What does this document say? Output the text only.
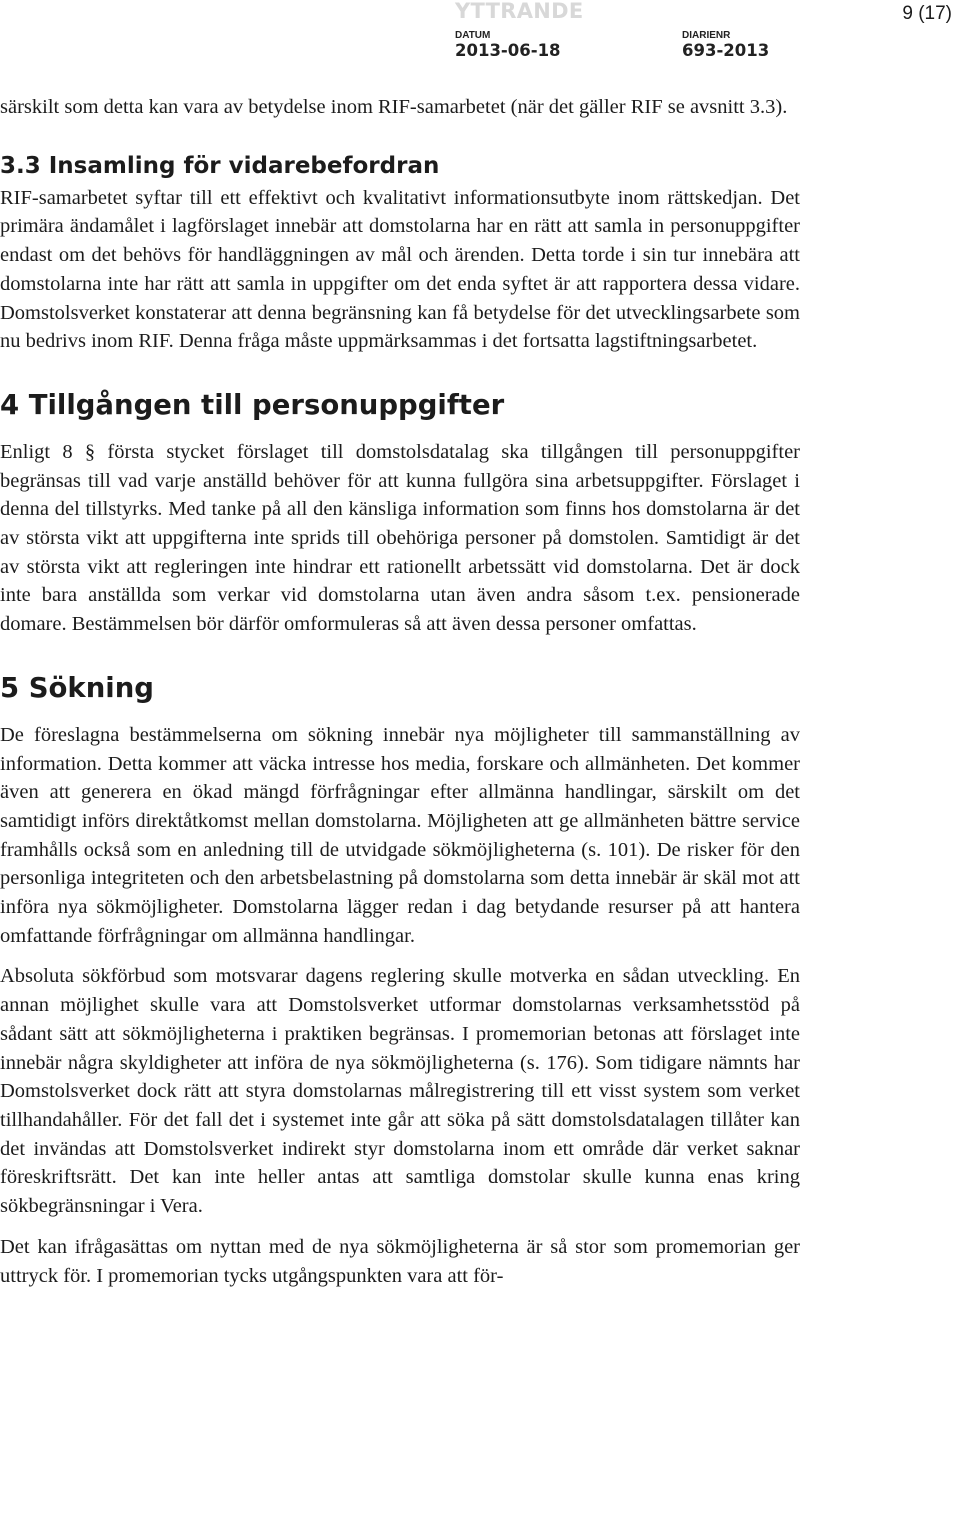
YTTRANDE	9 (17)
DATUM
2013-06-18
DIARIENR
693-2013

särskilt som detta kan vara av betydelse inom RIF-samarbetet (när det gäller RIF se avsnitt 3.3).

3.3 Insamling för vidarebefordran

RIF-samarbetet syftar till ett effektivt och kvalitativt informationsutbyte inom rättskedjan. Det primära ändamålet i lagförslaget innebär att domstolarna har en rätt att samla in personuppgifter endast om det behövs för handläggningen av mål och ärenden. Detta torde i sin tur innebära att domstolarna inte har rätt att samla in uppgifter om det enda syftet är att rapportera dessa vidare. Domstolsverket konstaterar att denna begränsning kan få betydelse för det utvecklingsarbete som nu bedrivs inom RIF. Denna fråga måste uppmärksammas i det fortsatta lagstiftningsarbetet.

4 Tillgången till personuppgifter

Enligt 8 § första stycket förslaget till domstolsdatalag ska tillgången till personuppgifter begränsas till vad varje anställd behöver för att kunna fullgöra sina arbetsuppgifter. Förslaget i denna del tillstyrks. Med tanke på all den känsliga information som finns hos domstolarna är det av största vikt att uppgifterna inte sprids till obehöriga personer på domstolen. Samtidigt är det av största vikt att regleringen inte hindrar ett rationellt arbetssätt vid domstolarna. Det är dock inte bara anställda som verkar vid domstolarna utan även andra såsom t.ex. pensionerade domare. Bestämmelsen bör därför omformuleras så att även dessa personer omfattas.

5 Sökning

De föreslagna bestämmelserna om sökning innebär nya möjligheter till sammanställning av information. Detta kommer att väcka intresse hos media, forskare och allmänheten. Det kommer även att generera en ökad mängd förfrågningar efter allmänna handlingar, särskilt om det samtidigt införs direktåtkomst mellan domstolarna. Möjligheten att ge allmänheten bättre service framhålls också som en anledning till de utvidgade sökmöjligheterna (s. 101). De risker för den personliga integriteten och den arbetsbelastning på domstolarna som detta innebär är skäl mot att införa nya sökmöjligheter. Domstolarna lägger redan i dag betydande resurser på att hantera omfattande förfrågningar om allmänna handlingar.

Absoluta sökförbud som motsvarar dagens reglering skulle motverka en sådan utveckling. En annan möjlighet skulle vara att Domstolsverket utformar domstolarnas verksamhetsstöd på sådant sätt att sökmöjligheterna i praktiken begränsas. I promemorian betonas att förslaget inte innebär några skyldigheter att införa de nya sökmöjligheterna (s. 176). Som tidigare nämnts har Domstolsverket dock rätt att styra domstolarnas målregistrering till ett visst system som verket tillhandahåller. För det fall det i systemet inte går att söka på sätt domstolsdatalagen tillåter kan det invändas att Domstolsverket indirekt styr domstolarna inom ett område där verket saknar föreskriftsrätt. Det kan inte heller antas att samtliga domstolar skulle kunna enas kring sökbegränsningar i Vera.

Det kan ifrågasättas om nyttan med de nya sökmöjligheterna är så stor som promemorian ger uttryck för. I promemorian tycks utgångspunkten vara att för-
